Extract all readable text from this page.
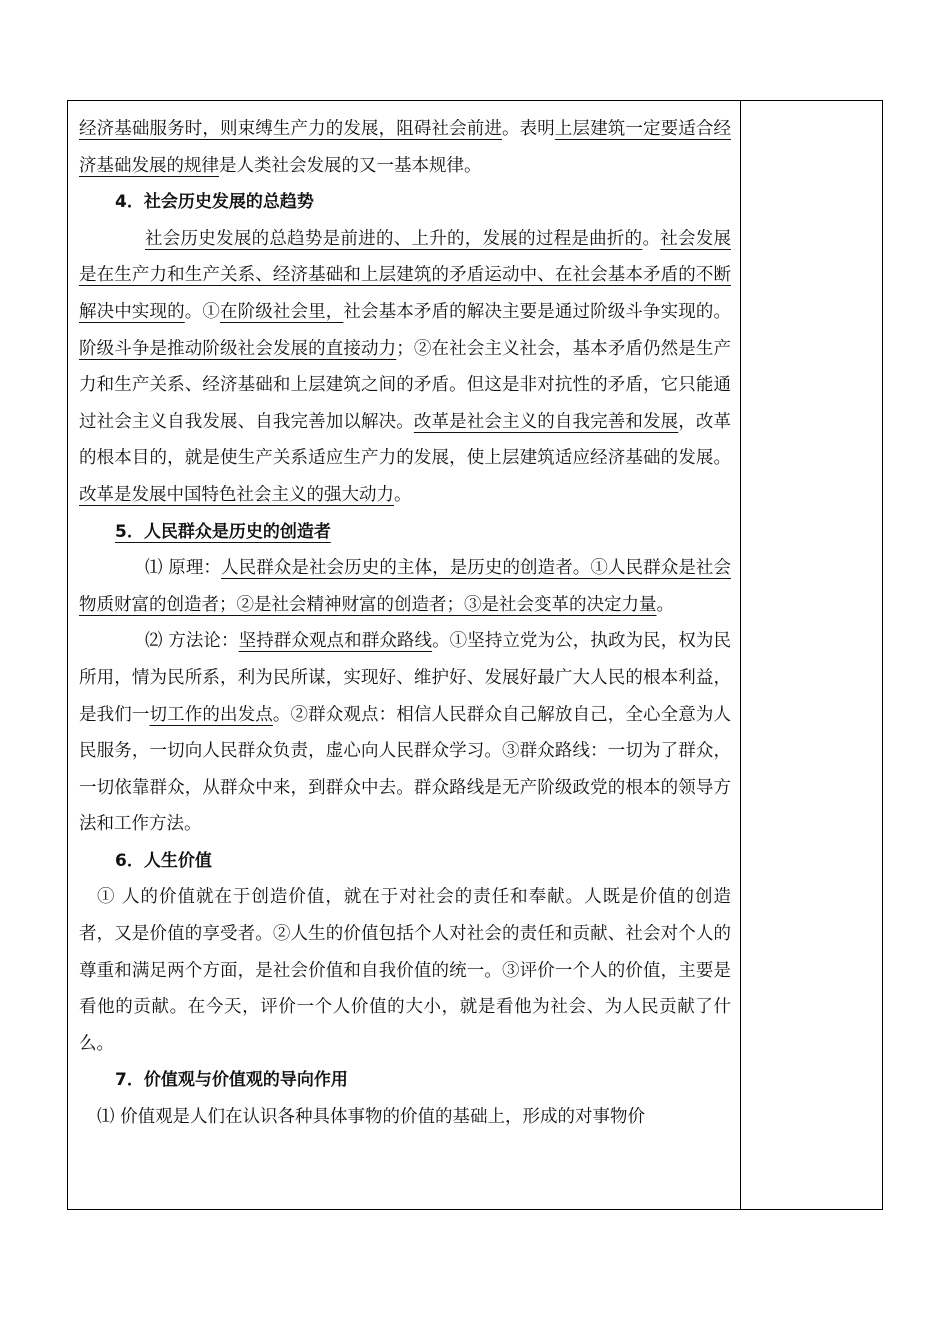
经济基础服务时，则束缚生产力的发展，阻碍社会前进。表明上层建筑一定要适合经济基础发展的规律是人类社会发展的又一基本规律。

4．社会历史发展的总趋势

社会历史发展的总趋势是前进的、上升的，发展的过程是曲折的。社会发展是在生产力和生产关系、经济基础和上层建筑的矛盾运动中、在社会基本矛盾的不断解决中实现的。①在阶级社会里，社会基本矛盾的解决主要是通过阶级斗争实现的。阶级斗争是推动阶级社会发展的直接动力；②在社会主义社会，基本矛盾仍然是生产力和生产关系、经济基础和上层建筑之间的矛盾。但这是非对抗性的矛盾，它只能通过社会主义自我发展、自我完善加以解决。改革是社会主义的自我完善和发展，改革的根本目的，就是使生产关系适应生产力的发展，使上层建筑适应经济基础的发展。改革是发展中国特色社会主义的强大动力。

5．人民群众是历史的创造者

⑴ 原理：人民群众是社会历史的主体，是历史的创造者。①人民群众是社会物质财富的创造者；②是社会精神财富的创造者；③是社会变革的决定力量。

⑵ 方法论：坚持群众观点和群众路线。①坚持立党为公，执政为民，权为民所用，情为民所系，利为民所谋，实现好、维护好、发展好最广大人民的根本利益，是我们一切工作的出发点。②群众观点：相信人民群众自己解放自己，全心全意为人民服务，一切向人民群众负责，虚心向人民群众学习。③群众路线：一切为了群众，一切依靠群众，从群众中来，到群众中去。群众路线是无产阶级政党的根本的领导方法和工作方法。

6．人生价值

① 人的价值就在于创造价值，就在于对社会的责任和奉献。人既是价值的创造者，又是价值的享受者。②人生的价值包括个人对社会的责任和贡献、社会对个人的尊重和满足两个方面，是社会价值和自我价值的统一。③评价一个人的价值，主要是看他的贡献。在今天，评价一个人价值的大小，就是看他为社会、为人民贡献了什么。

7．价值观与价值观的导向作用

⑴ 价值观是人们在认识各种具体事物的价值的基础上，形成的对事物价
